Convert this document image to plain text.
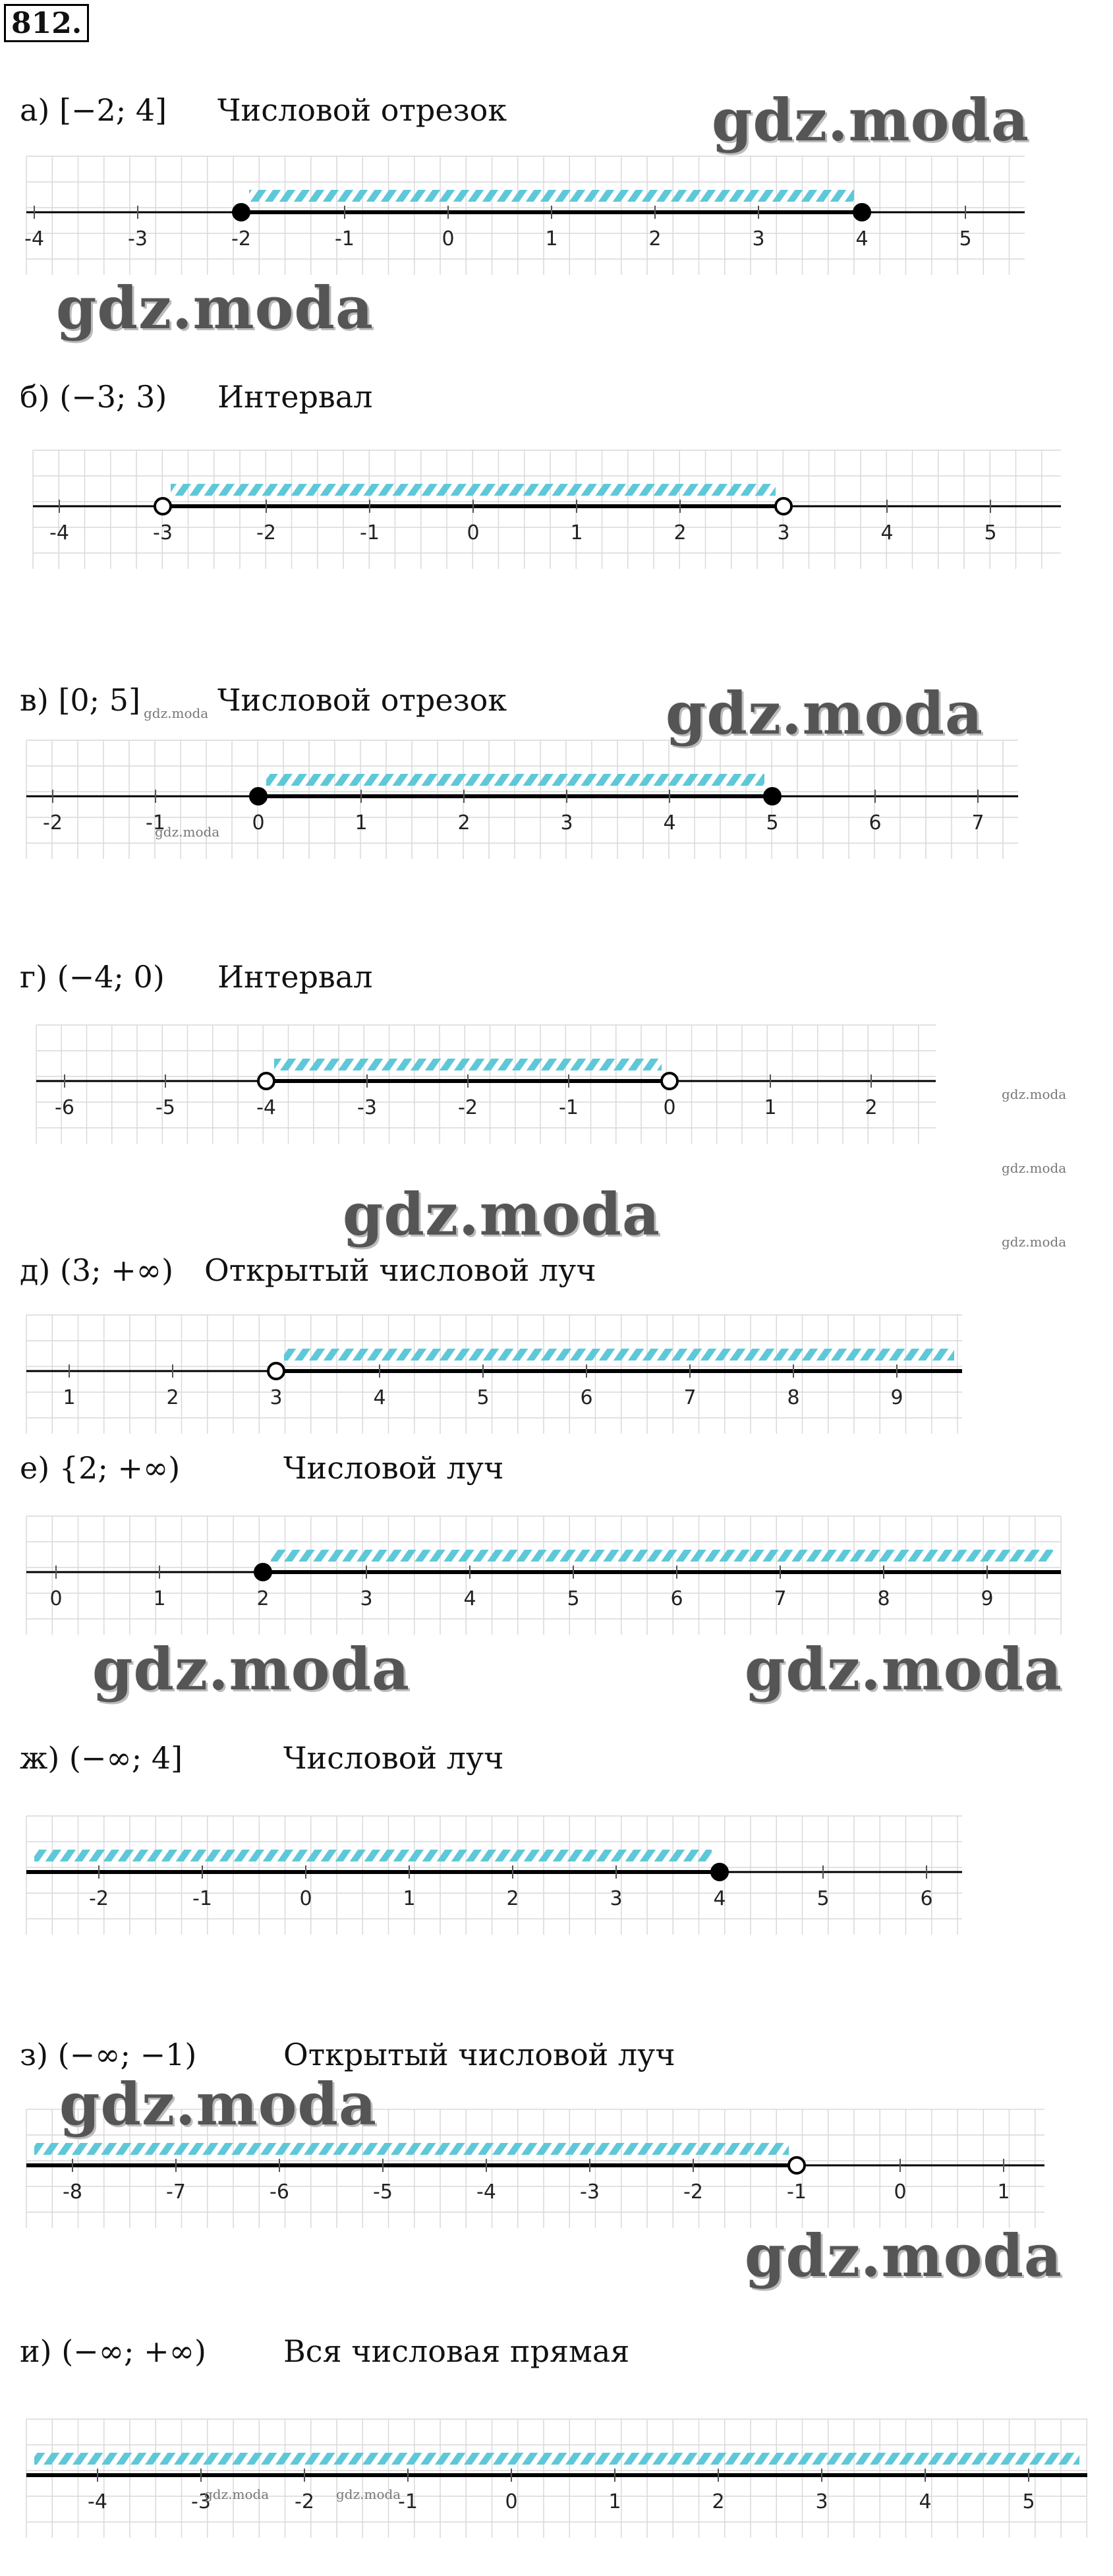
812.
-4	-3	-2	-1	0	1	2	3	4	5
-4	-3	-2	-1	0	1	2	3	4	5
-2	-1	0	1	2	3	4	5	6	7
-6	-5	-4	-3	-2	-1	0	1	2
1	2	3	4	5	6	7	8	9
0	1	2	3	4	5	6	7	8	9
-2	-1	0	1	2	3	4	5	6
-8	-7	-6	-5	-4	-3	-2	-1	0	1
-4	-3	-2	-1	0	1	2	3	4	5
а) [−2; 4] Числовой отрезок
б) (−3; 3) Интервал
в) [0; 5]	Числовой отрезок
г) (−4; 0) Интервал
д) (3; +∞) Открытый числовой луч
е) {2; +∞)	Числовой луч
ж) (−∞; 4]	Числовой луч
з) (−∞; −1)	Открытый числовой луч
и) (−∞; +∞)	Вся числовая прямая
gdz.moda
gdz.moda
gdz.moda
gdz.moda
gdz.moda	gdz.moda
gdz.moda
gdz.moda
gdz.moda
gdz.moda
gdz.moda
gdz.moda
gdz.moda
gdz.moda	gdz.moda
